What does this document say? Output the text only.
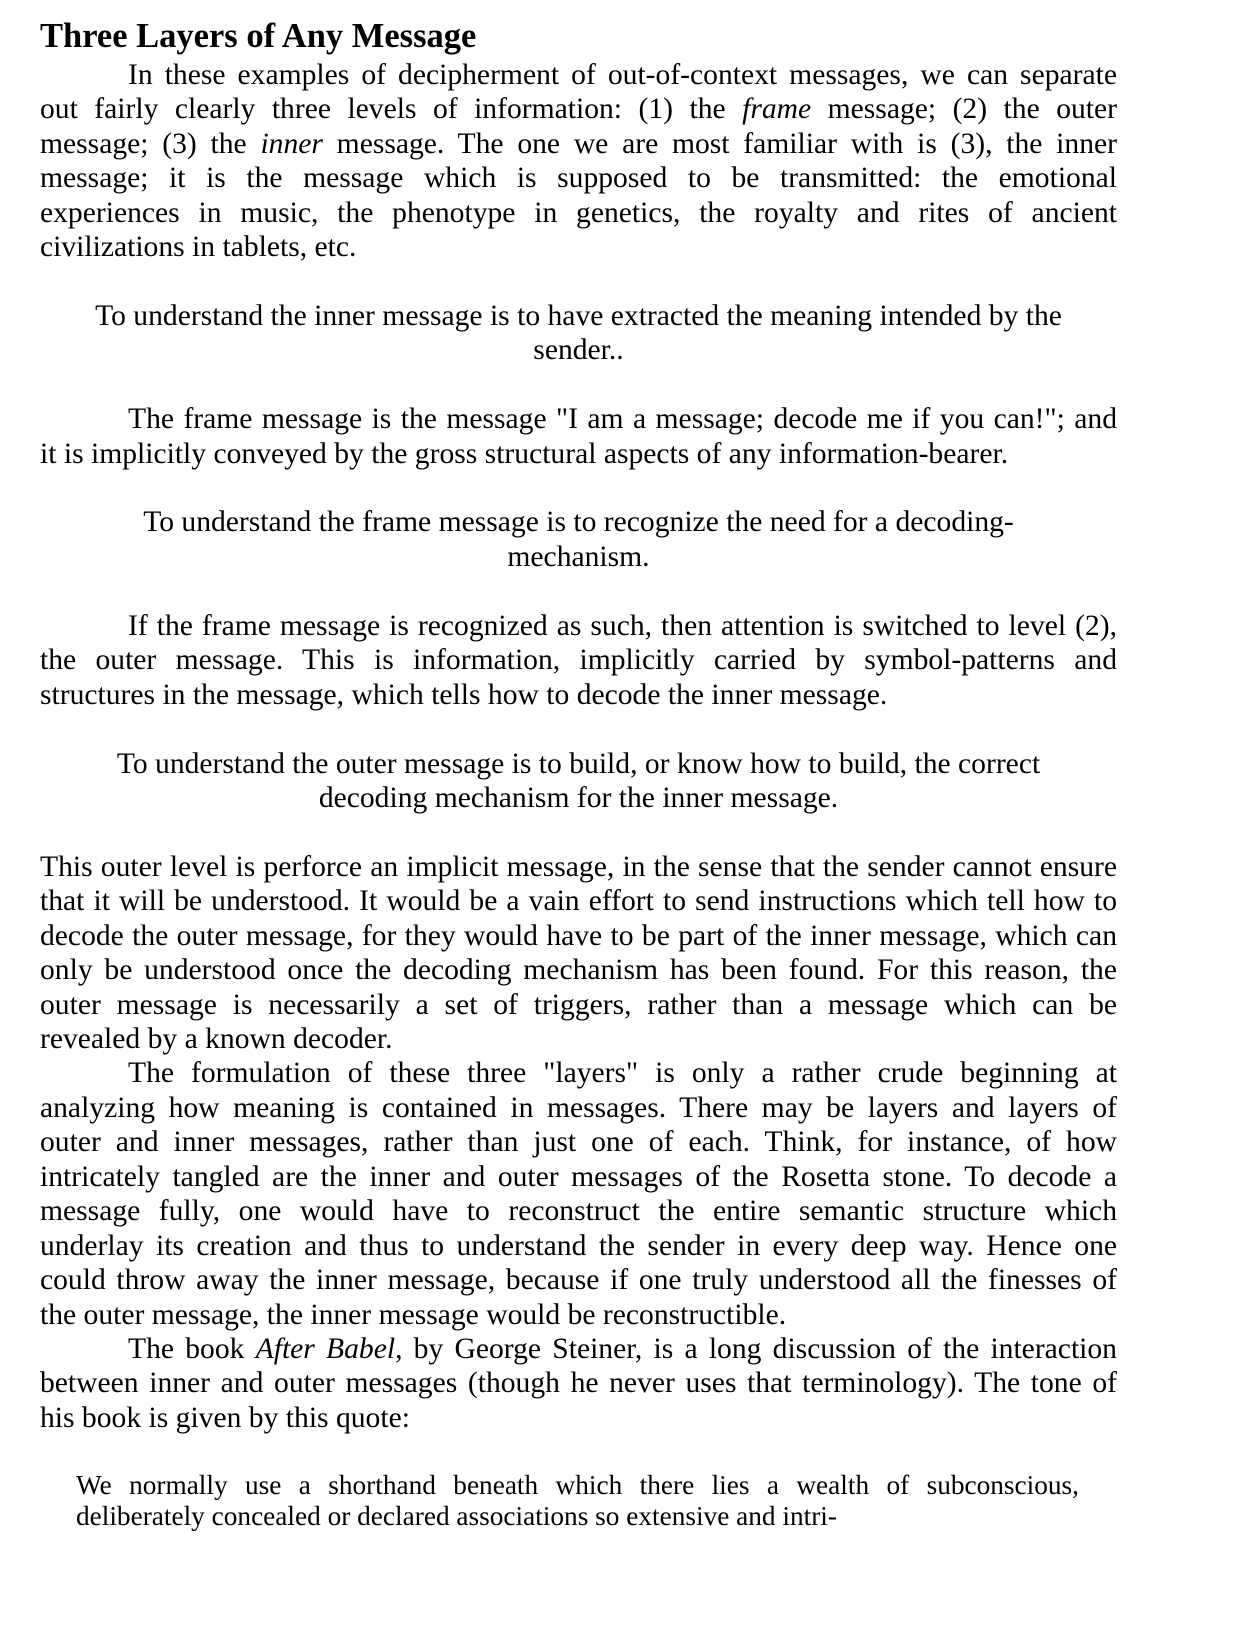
Three Layers of Any Message
In these examples of decipherment of out-of-context messages, we can separate
out fairly clearly three levels of information: (1) the frame message; (2) the outer
message; (3) the inner message. The one we are most familiar with is (3), the inner
message; it is the message which is supposed to be transmitted: the emotional
experiences in music, the phenotype in genetics, the royalty and rites of ancient
civilizations in tablets, etc.
To understand the inner message is to have extracted the meaning intended by the
sender..
The frame message is the message "I am a message; decode me if you can!"; and
it is implicitly conveyed by the gross structural aspects of any information-bearer.
To understand the frame message is to recognize the need for a decoding-
mechanism.
If the frame message is recognized as such, then attention is switched to level (2),
the outer message. This is information, implicitly carried by symbol-patterns and
structures in the message, which tells how to decode the inner message.
To understand the outer message is to build, or know how to build, the correct
decoding mechanism for the inner message.
This outer level is perforce an implicit message, in the sense that the sender cannot ensure
that it will be understood. It would be a vain effort to send instructions which tell how to
decode the outer message, for they would have to be part of the inner message, which can
only be understood once the decoding mechanism has been found. For this reason, the
outer message is necessarily a set of triggers, rather than a message which can be
revealed by a known decoder.
The formulation of these three "layers" is only a rather crude beginning at
analyzing how meaning is contained in messages. There may be layers and layers of
outer and inner messages, rather than just one of each. Think, for instance, of how
intricately tangled are the inner and outer messages of the Rosetta stone. To decode a
message fully, one would have to reconstruct the entire semantic structure which
underlay its creation and thus to understand the sender in every deep way. Hence one
could throw away the inner message, because if one truly understood all the finesses of
the outer message, the inner message would be reconstructible.
The book After Babel, by George Steiner, is a long discussion of the interaction
between inner and outer messages (though he never uses that terminology). The tone of
his book is given by this quote:
We normally use a shorthand beneath which there lies a wealth of subconscious,
deliberately concealed or declared associations so extensive and intri-
